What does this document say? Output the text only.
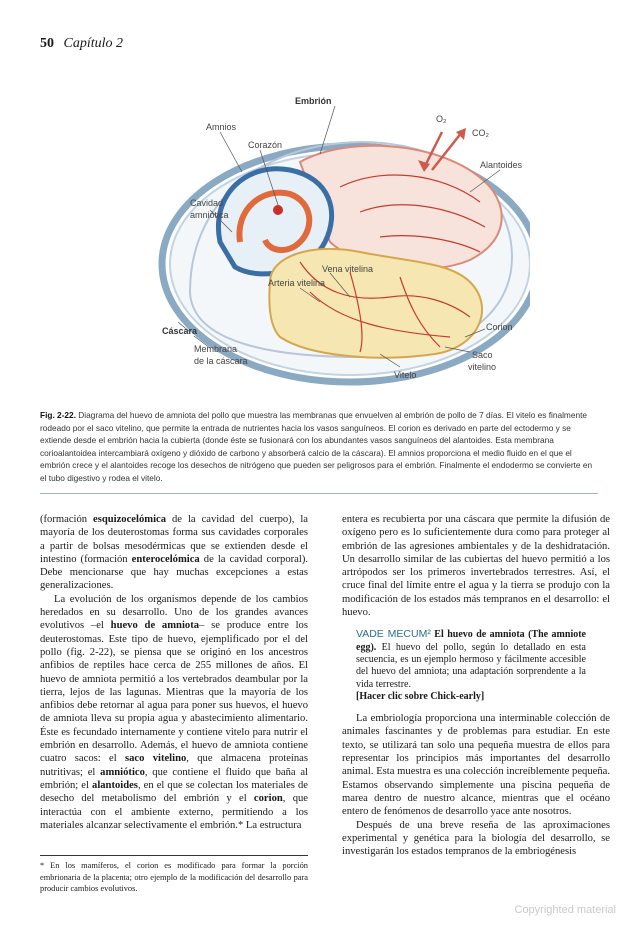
50 Capítulo 2
Embrión
Amnios
Corazón
O₂
CO₂
Alantoides
Cavidad
amniótica
Vena vitelina
Arteria vitelina
Corion
Cáscara
Membrana
de la cáscara
Saco
vitelino
Vitelo
Fig. 2-22. Diagrama del huevo de amniota del pollo que muestra las membranas que envuelven al embrión de pollo de 7 días. El vitelo es finalmente rodeado por el saco vitelino, que permite la entrada de nutrientes hacia los vasos sanguíneos. El corion es derivado en parte del ectodermo y se extiende desde el embrión hacia la cubierta (donde éste se fusionará con los abundantes vasos sanguíneos del alantoides. Esta membrana corioalantoidea intercambiará oxígeno y dióxido de carbono y absorberá calcio de la cáscara). El amnios proporciona el medio fluido en el que el embrión crece y el alantoides recoge los desechos de nitrógeno que pueden ser peligrosos para el embrión. Finalmente el endodermo se convierte en el tubo digestivo y rodea el vitelo.

(formación esquizocelómica de la cavidad del cuerpo), la mayoría de los deuterostomas forma sus cavidades corporales a partir de bolsas mesodérmicas que se extienden desde el intestino (formación enterocelómica de la cavidad corporal). Debe mencionarse que hay muchas excepciones a estas generalizaciones.

La evolución de los organismos depende de los cambios heredados en su desarrollo. Uno de los grandes avances evolutivos –el huevo de amniota– se produce entre los deuterostomas. Este tipo de huevo, ejemplificado por el del pollo (fig. 2-22), se piensa que se originó en los ancestros anfibios de reptiles hace cerca de 255 millones de años. El huevo de amniota permitió a los vertebrados deambular por la tierra, lejos de las lagunas. Mientras que la mayoría de los anfibios debe retornar al agua para poner sus huevos, el huevo de amniota lleva su propia agua y abastecimiento alimentario. Éste es fecundado internamente y contiene vitelo para nutrir el embrión en desarrollo. Además, el huevo de amniota contiene cuatro sacos: el saco vitelino, que almacena proteínas nutritivas; el amniótico, que contiene el fluido que baña al embrión; el alantoides, en el que se colectan los materiales de desecho del metabolismo del embrión y el corion, que interactúa con el ambiente externo, permitiendo a los materiales alcanzar selectivamente el embrión.* La estructura

entera es recubierta por una cáscara que permite la difusión de oxígeno pero es lo suficientemente dura como para proteger al embrión de las agresiones ambientales y de la deshidratación. Un desarrollo similar de las cubiertas del huevo permitió a los artrópodos ser los primeros invertebrados terrestres. Así, el cruce final del límite entre el agua y la tierra se produjo con la modificación de los estados más tempranos en el desarrollo: el huevo.

VADE MECUM² El huevo de amniota (The amniote egg). El huevo del pollo, según lo detallado en esta secuencia, es un ejemplo hermoso y fácilmente accesible del huevo del amniota; una adaptación sorprendente a la vida terrestre.
[Hacer clic sobre Chick-early]

La embriología proporciona una interminable colección de animales fascinantes y de problemas para estudiar. En este texto, se utilizará tan solo una pequeña muestra de ellos para representar los principios más importantes del desarrollo animal. Esta muestra es una colección increíblemente pequeña. Estamos observando simplemente una piscina pequeña de marea dentro de nuestro alcance, mientras que el océano entero de fenómenos de desarrollo yace ante nosotros.

Después de una breve reseña de las aproximaciones experimental y genética para la biología del desarrollo, se investigarán los estados tempranos de la embriogénesis

* En los mamíferos, el corion es modificado para formar la porción embrionaria de la placenta; otro ejemplo de la modificación del desarrollo para producir cambios evolutivos.
Copyrighted material
